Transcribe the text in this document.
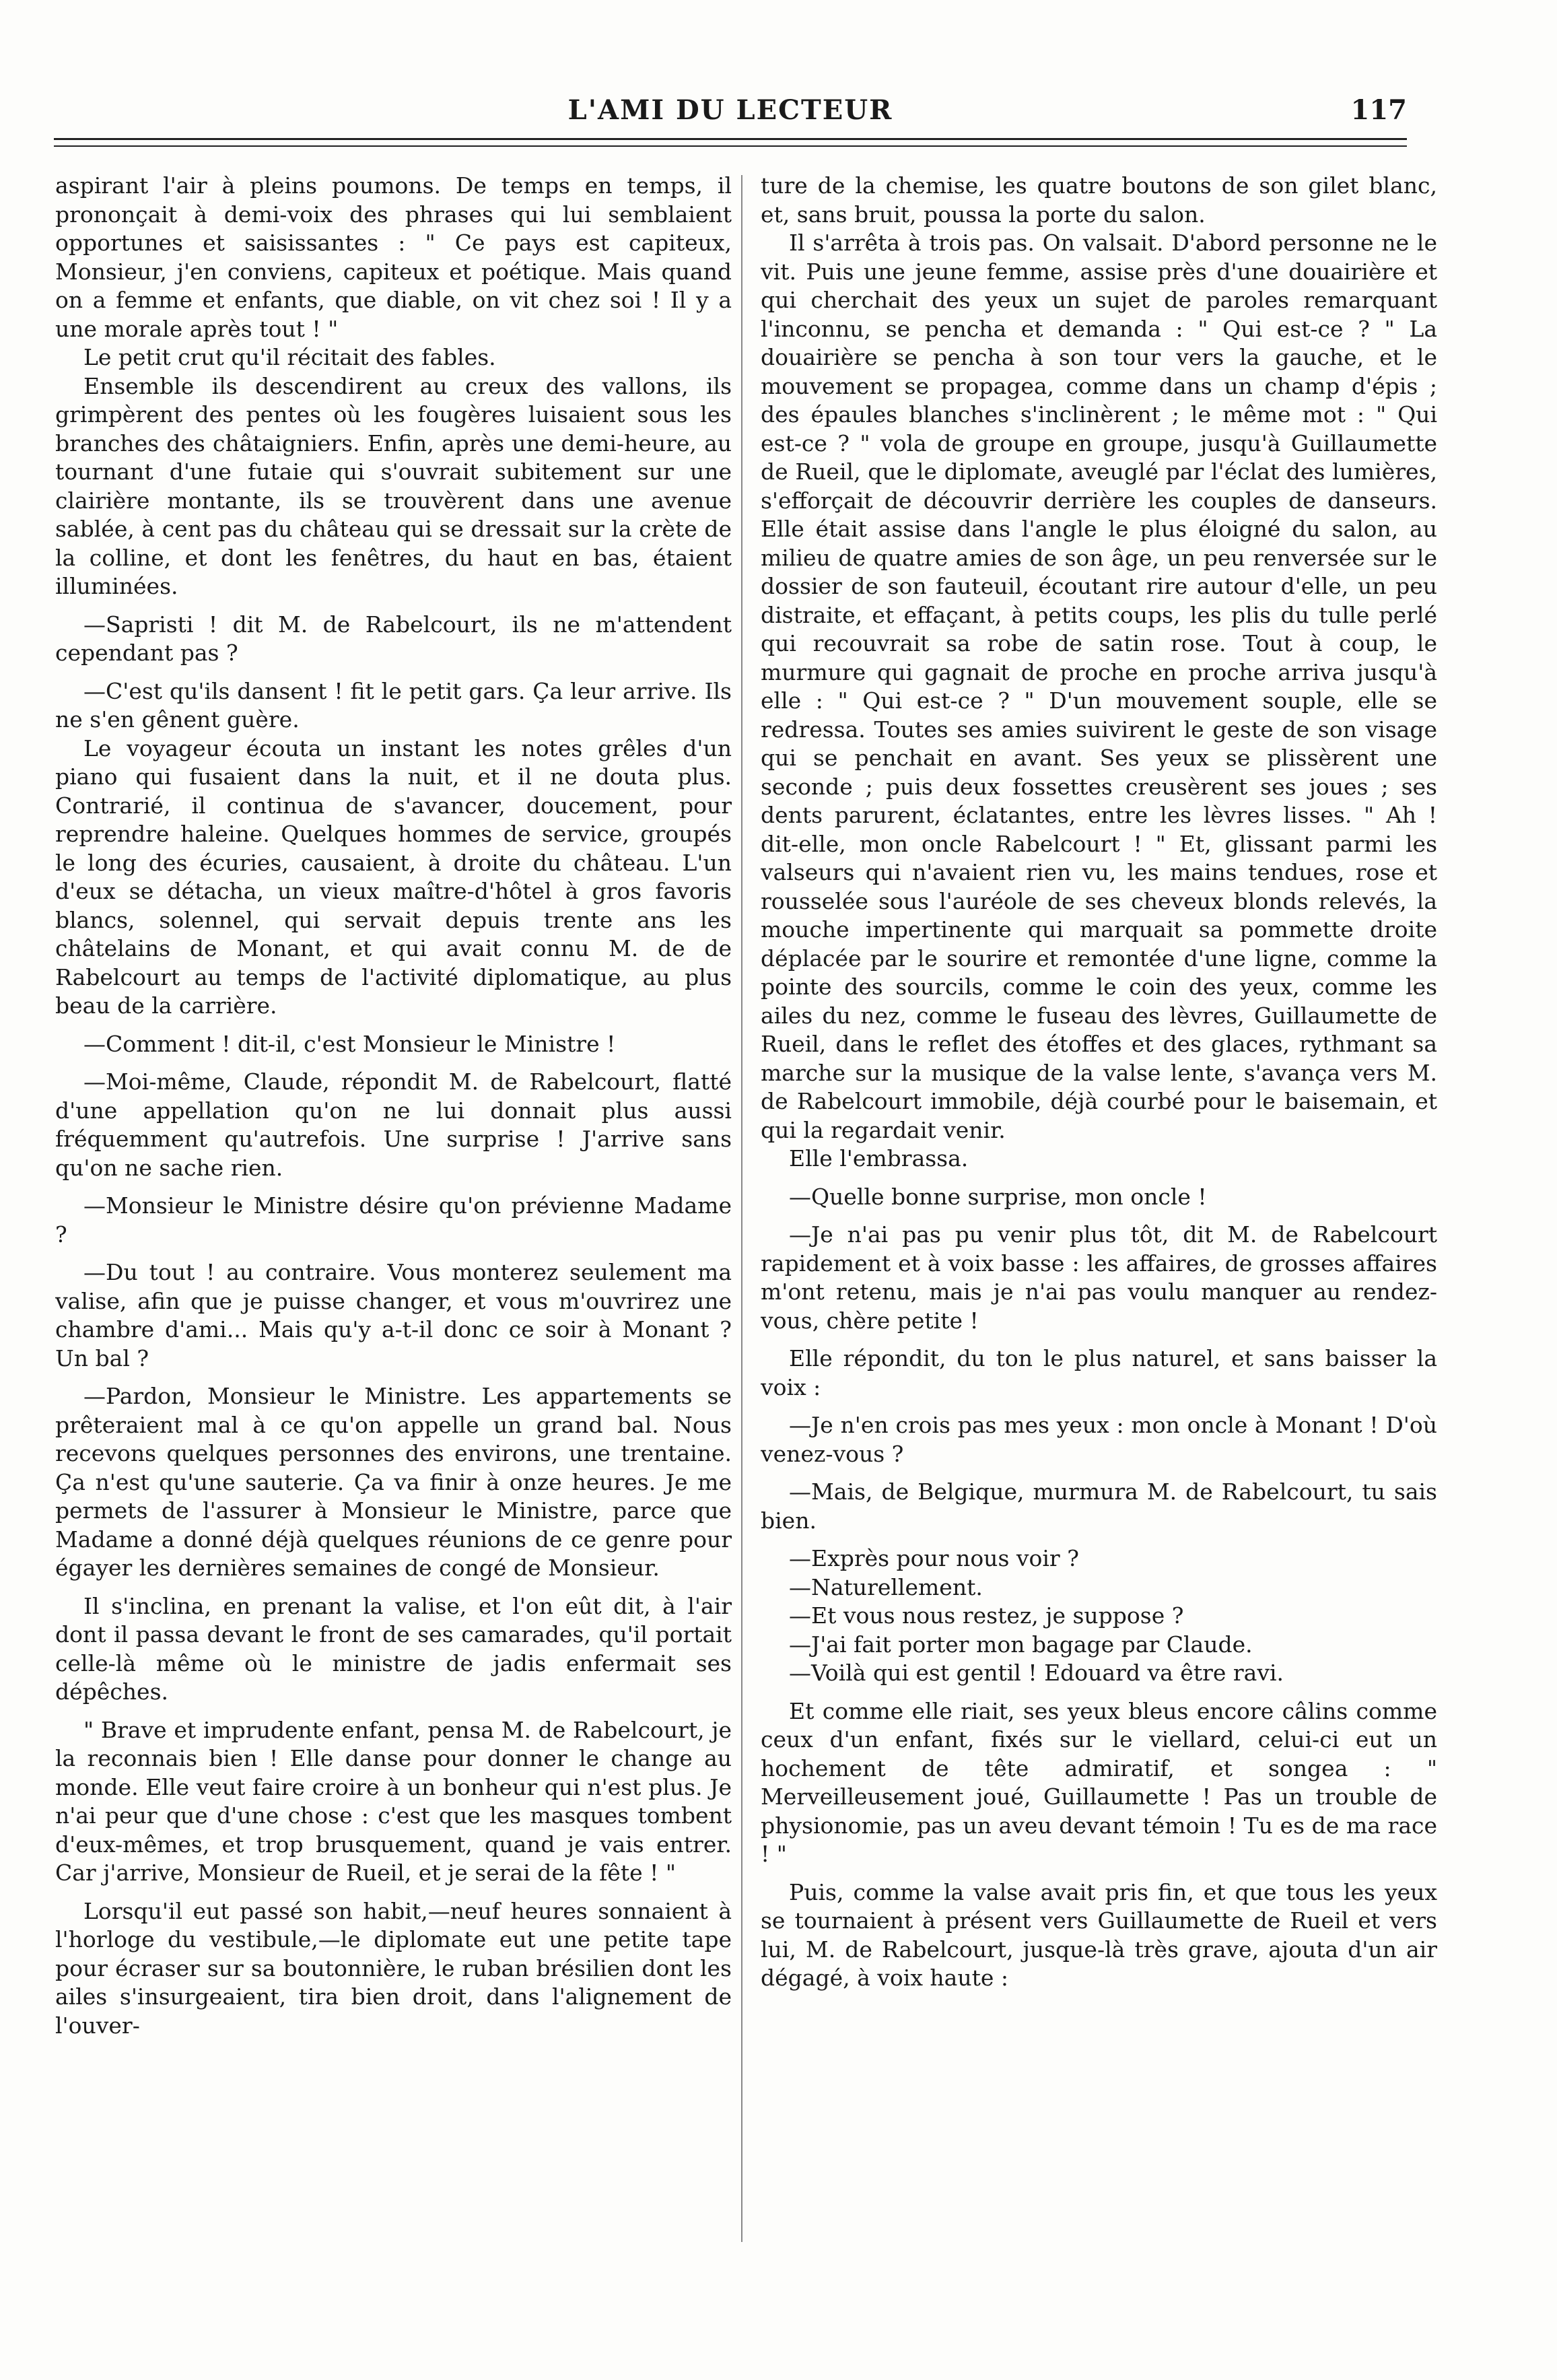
L'AMI DU LECTEUR	117

aspirant l'air à pleins poumons. De temps en temps, il prononçait à demi-voix des phrases qui lui semblaient opportunes et saisissantes : " Ce pays est capiteux, Monsieur, j'en conviens, capiteux et poétique. Mais quand on a femme et enfants, que diable, on vit chez soi ! Il y a une morale après tout ! "

Le petit crut qu'il récitait des fables.

Ensemble ils descendirent au creux des vallons, ils grimpèrent des pentes où les fougères luisaient sous les branches des châtaigniers. Enfin, après une demi-heure, au tournant d'une futaie qui s'ouvrait subitement sur une clairière montante, ils se trouvèrent dans une avenue sablée, à cent pas du château qui se dressait sur la crète de la colline, et dont les fenêtres, du haut en bas, étaient illuminées.

—Sapristi ! dit M. de Rabelcourt, ils ne m'attendent cependant pas ?

—C'est qu'ils dansent ! fit le petit gars. Ça leur arrive. Ils ne s'en gênent guère.

Le voyageur écouta un instant les notes grêles d'un piano qui fusaient dans la nuit, et il ne douta plus. Contrarié, il continua de s'avancer, doucement, pour reprendre haleine. Quelques hommes de service, groupés le long des écuries, causaient, à droite du château. L'un d'eux se détacha, un vieux maître-d'hôtel à gros favoris blancs, solennel, qui servait depuis trente ans les châtelains de Monant, et qui avait connu M. de de Rabelcourt au temps de l'activité diplomatique, au plus beau de la carrière.

—Comment ! dit-il, c'est Monsieur le Ministre !

—Moi-même, Claude, répondit M. de Rabelcourt, flatté d'une appellation qu'on ne lui donnait plus aussi fréquemment qu'autrefois. Une surprise ! J'arrive sans qu'on ne sache rien.

—Monsieur le Ministre désire qu'on prévienne Madame ?

—Du tout ! au contraire. Vous monterez seulement ma valise, afin que je puisse changer, et vous m'ouvrirez une chambre d'ami... Mais qu'y a-t-il donc ce soir à Monant ? Un bal ?

—Pardon, Monsieur le Ministre. Les appartements se prêteraient mal à ce qu'on appelle un grand bal. Nous recevons quelques personnes des environs, une trentaine. Ça n'est qu'une sauterie. Ça va finir à onze heures. Je me permets de l'assurer à Monsieur le Ministre, parce que Madame a donné déjà quelques réunions de ce genre pour égayer les dernières semaines de congé de Monsieur.

Il s'inclina, en prenant la valise, et l'on eût dit, à l'air dont il passa devant le front de ses camarades, qu'il portait celle-là même où le ministre de jadis enfermait ses dépêches.

" Brave et imprudente enfant, pensa M. de Rabelcourt, je la reconnais bien ! Elle danse pour donner le change au monde. Elle veut faire croire à un bonheur qui n'est plus. Je n'ai peur que d'une chose : c'est que les masques tombent d'eux-mêmes, et trop brusquement, quand je vais entrer. Car j'arrive, Monsieur de Rueil, et je serai de la fête ! "

Lorsqu'il eut passé son habit,—neuf heures sonnaient à l'horloge du vestibule,—le diplomate eut une petite tape pour écraser sur sa boutonnière, le ruban brésilien dont les ailes s'insurgeaient, tira bien droit, dans l'alignement de l'ouver-

ture de la chemise, les quatre boutons de son gilet blanc, et, sans bruit, poussa la porte du salon.

Il s'arrêta à trois pas. On valsait. D'abord personne ne le vit. Puis une jeune femme, assise près d'une douairière et qui cherchait des yeux un sujet de paroles remarquant l'inconnu, se pencha et demanda : " Qui est-ce ? " La douairière se pencha à son tour vers la gauche, et le mouvement se propagea, comme dans un champ d'épis ; des épaules blanches s'inclinèrent ; le même mot : " Qui est-ce ? " vola de groupe en groupe, jusqu'à Guillaumette de Rueil, que le diplomate, aveuglé par l'éclat des lumières, s'efforçait de découvrir derrière les couples de danseurs. Elle était assise dans l'angle le plus éloigné du salon, au milieu de quatre amies de son âge, un peu renversée sur le dossier de son fauteuil, écoutant rire autour d'elle, un peu distraite, et effaçant, à petits coups, les plis du tulle perlé qui recouvrait sa robe de satin rose. Tout à coup, le murmure qui gagnait de proche en proche arriva jusqu'à elle : " Qui est-ce ? " D'un mouvement souple, elle se redressa. Toutes ses amies suivirent le geste de son visage qui se penchait en avant. Ses yeux se plissèrent une seconde ; puis deux fossettes creusèrent ses joues ; ses dents parurent, éclatantes, entre les lèvres lisses. " Ah ! dit-elle, mon oncle Rabelcourt ! " Et, glissant parmi les valseurs qui n'avaient rien vu, les mains tendues, rose et rousselée sous l'auréole de ses cheveux blonds relevés, la mouche impertinente qui marquait sa pommette droite déplacée par le sourire et remontée d'une ligne, comme la pointe des sourcils, comme le coin des yeux, comme les ailes du nez, comme le fuseau des lèvres, Guillaumette de Rueil, dans le reflet des étoffes et des glaces, rythmant sa marche sur la musique de la valse lente, s'avança vers M. de Rabelcourt immobile, déjà courbé pour le baisemain, et qui la regardait venir.

Elle l'embrassa.

—Quelle bonne surprise, mon oncle !

—Je n'ai pas pu venir plus tôt, dit M. de Rabelcourt rapidement et à voix basse : les affaires, de grosses affaires m'ont retenu, mais je n'ai pas voulu manquer au rendez-vous, chère petite !

Elle répondit, du ton le plus naturel, et sans baisser la voix :

—Je n'en crois pas mes yeux : mon oncle à Monant ! D'où venez-vous ?

—Mais, de Belgique, murmura M. de Rabelcourt, tu sais bien.

—Exprès pour nous voir ?

—Naturellement.

—Et vous nous restez, je suppose ?

—J'ai fait porter mon bagage par Claude.

—Voilà qui est gentil ! Edouard va être ravi.

Et comme elle riait, ses yeux bleus encore câlins comme ceux d'un enfant, fixés sur le viellard, celui-ci eut un hochement de tête admiratif, et songea : " Merveilleusement joué, Guillaumette ! Pas un trouble de physionomie, pas un aveu devant témoin ! Tu es de ma race ! "

Puis, comme la valse avait pris fin, et que tous les yeux se tournaient à présent vers Guillaumette de Rueil et vers lui, M. de Rabelcourt, jusque-là très grave, ajouta d'un air dégagé, à voix haute :
